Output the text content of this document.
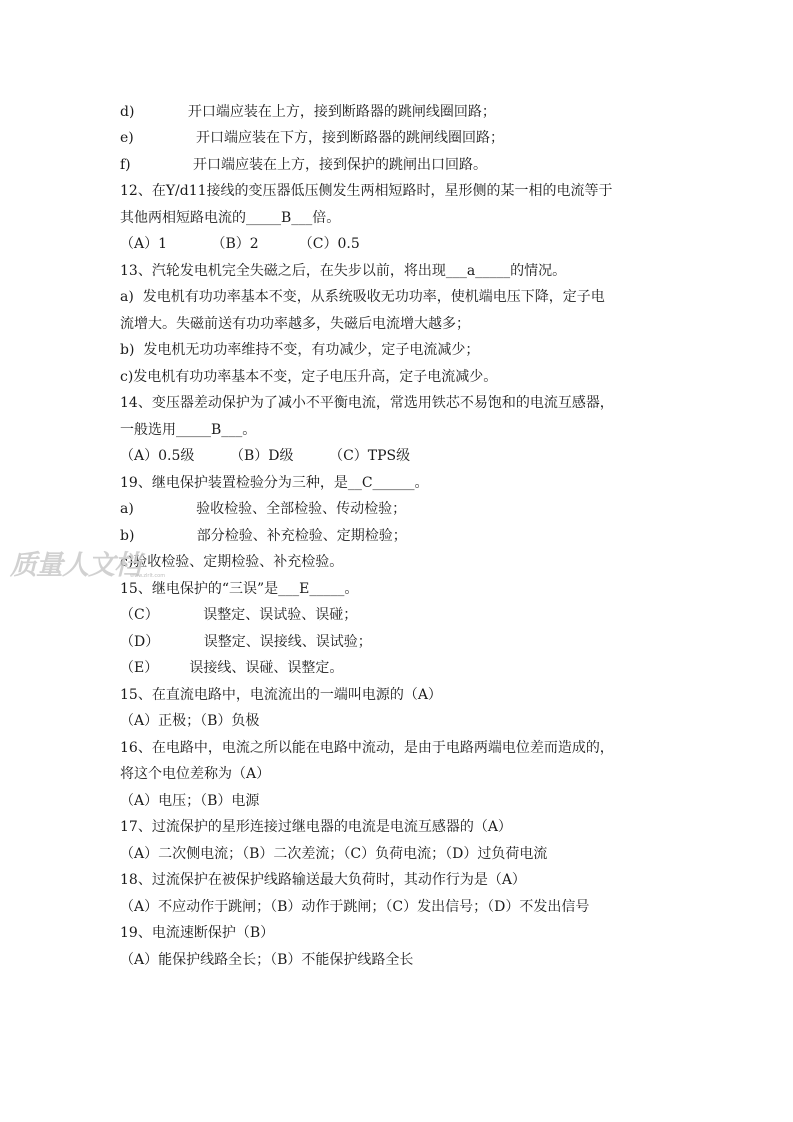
d)            开口端应装在上方，接到断路器的跳闸线圈回路；
e)              开口端应装在下方，接到断路器的跳闸线圈回路；
f)              开口端应装在上方，接到保护的跳闸出口回路。
12、在Y/d11接线的变压器低压侧发生两相短路时，星形侧的某一相的电流等于
其他两相短路电流的_____B___倍。
（A）1          （B）2         （C）0.5
13、汽轮发电机完全失磁之后，在失步以前，将出现___a_____的情况。
a)  发电机有功功率基本不变，从系统吸收无功功率，使机端电压下降，定子电
流增大。失磁前送有功功率越多，失磁后电流增大越多；
b)  发电机无功功率维持不变，有功减少，定子电流减少；
c)发电机有功功率基本不变，定子电压升高，定子电流减少。
14、变压器差动保护为了减小不平衡电流，常选用铁芯不易饱和的电流互感器，
一般选用_____B___。
（A）0.5级        （B）D级        （C）TPS级
19、继电保护装置检验分为三种，是__C______。
a)              验收检验、全部检验、传动检验；
b)              部分检验、补充检验、定期检验；
c)验收检验、定期检验、补充检验。
15、继电保护的“三误”是___E_____。
（C）          误整定、误试验、误碰；
（D）          误整定、误接线、误试验；
（E）       误接线、误碰、误整定。
15、在直流电路中，电流流出的一端叫电源的（A）
（A）正极；（B）负极
16、在电路中，电流之所以能在电路中流动，是由于电路两端电位差而造成的，
将这个电位差称为（A）
（A）电压；（B）电源
17、过流保护的星形连接过继电器的电流是电流互感器的（A）
（A）二次侧电流；（B）二次差流；（C）负荷电流；（D）过负荷电流
18、过流保护在被保护线路输送最大负荷时，其动作行为是（A）
（A）不应动作于跳闸；（B）动作于跳闸；（C）发出信号；（D）不发出信号
19、电流速断保护（B）
（A）能保护线路全长；（B）不能保护线路全长
质量人文档
www.zlrlt.com
